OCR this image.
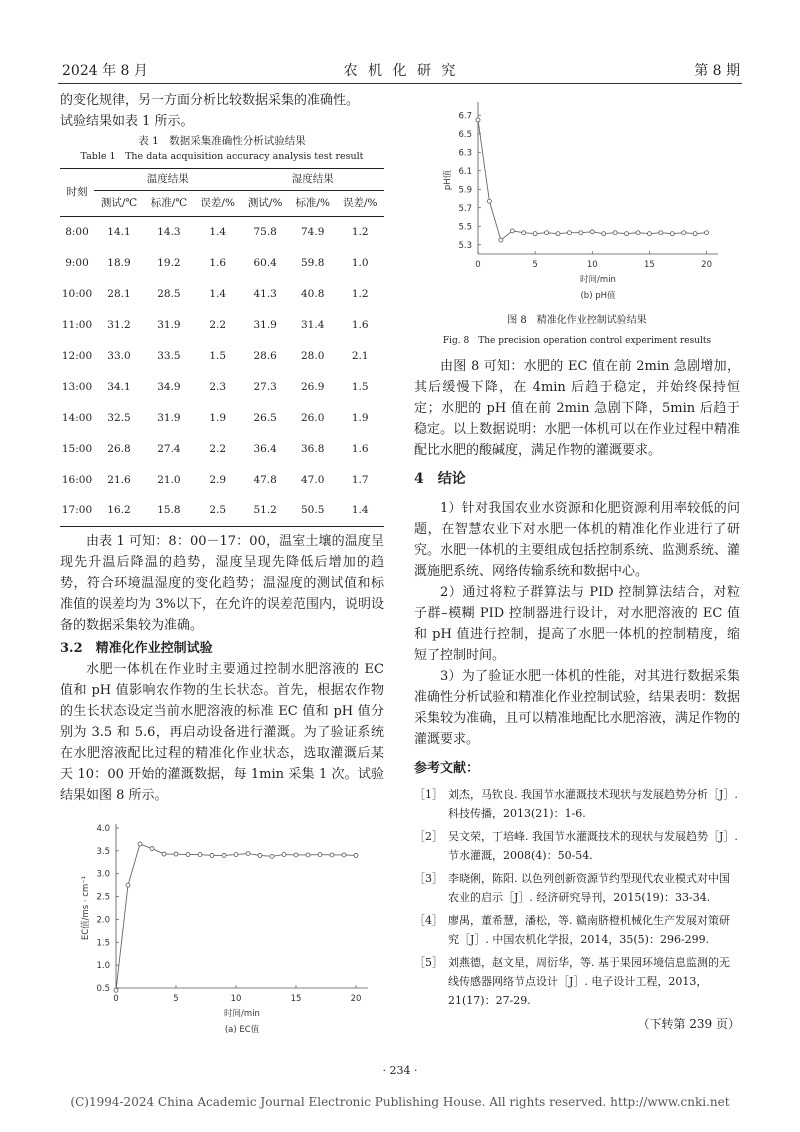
2024 年 8 月	农 机 化 研 究	第 8 期

的变化规律，另一方面分析比较数据采集的准确性。

试验结果如表 1 所示。

表 1　数据采集准确性分析试验结果
Table 1　The data acquisition accuracy analysis test result
时刻	温度结果			湿度结果		
	测试/℃	标准/℃	误差/%	测试/%	标准/%	误差/%
8:00	14.1	14.3	1.4	75.8	74.9	1.2
9:00	18.9	19.2	1.6	60.4	59.8	1.0
10:00	28.1	28.5	1.4	41.3	40.8	1.2
11:00	31.2	31.9	2.2	31.9	31.4	1.6
12:00	33.0	33.5	1.5	28.6	28.0	2.1
13:00	34.1	34.9	2.3	27.3	26.9	1.5
14:00	32.5	31.9	1.9	26.5	26.0	1.9
15:00	26.8	27.4	2.2	36.4	36.8	1.6
16:00	21.6	21.0	2.9	47.8	47.0	1.7
17:00	16.2	15.8	2.5	51.2	50.5	1.4

由表 1 可知：8：00－17：00，温室土壤的温度呈现先升温后降温的趋势，湿度呈现先降低后增加的趋势，符合环境温湿度的变化趋势；温湿度的测试值和标准值的误差均为 3%以下，在允许的误差范围内，说明设备的数据采集较为准确。

3.2　精准化作业控制试验

水肥一体机在作业时主要通过控制水肥溶液的 EC 值和 pH 值影响农作物的生长状态。首先，根据农作物的生长状态设定当前水肥溶液的标准 EC 值和 pH 值分别为 3.5 和 5.6，再启动设备进行灌溉。为了验证系统在水肥溶液配比过程的精准化作业状态，选取灌溉后某天 10：00 开始的灌溉数据，每 1min 采集 1 次。试验结果如图 8 所示。

0.5
1.0
1.5
2.0
2.5
3.0
3.5
4.0
0	5	10	15	20
时间/min
EC值/ms · cm⁻¹
(a) EC值
5.3
5.5
5.7
5.9
6.1
6.3
6.5
6.7
0	5	10	15	20
时间/min
pH值
(b) pH值
图 8　精准化作业控制试验结果
Fig. 8　The precision operation control experiment results

由图 8 可知：水肥的 EC 值在前 2min 急剧增加，其后缓慢下降，在 4min 后趋于稳定，并始终保持恒定；水肥的 pH 值在前 2min 急剧下降，5min 后趋于稳定。以上数据说明：水肥一体机可以在作业过程中精准配比水肥的酸碱度，满足作物的灌溉要求。

4　结论

1）针对我国农业水资源和化肥资源利用率较低的问题，在智慧农业下对水肥一体机的精准化作业进行了研究。水肥一体机的主要组成包括控制系统、监测系统、灌溉施肥系统、网络传输系统和数据中心。

2）通过将粒子群算法与 PID 控制算法结合，对粒子群–模糊 PID 控制器进行设计，对水肥溶液的 EC 值和 pH 值进行控制，提高了水肥一体机的控制精度，缩短了控制时间。

3）为了验证水肥一体机的性能，对其进行数据采集准确性分析试验和精准化作业控制试验，结果表明：数据采集较为准确，且可以精准地配比水肥溶液，满足作物的灌溉要求。

参考文献：
［1］ 刘杰，马钦良. 我国节水灌溉技术现状与发展趋势分析［J］. 科技传播，2013(21)：1-6.
［2］ 吴文荣，丁培峰. 我国节水灌溉技术的现状与发展趋势［J］. 节水灌溉，2008(4)：50-54.
［3］ 李晓俐，陈阳. 以色列创新资源节约型现代农业模式对中国农业的启示［J］. 经济研究导刊，2015(19)：33-34.
［4］ 廖禺，董希慧，潘松，等. 赣南脐橙机械化生产发展对策研究［J］. 中国农机化学报，2014，35(5)：296-299.
［5］ 刘燕德，赵文星，周衍华，等. 基于果园环境信息监测的无线传感器网络节点设计［J］. 电子设计工程，2013，21(17)：27-29.
（下转第 239 页）
· 234 ·
(C)1994-2024 China Academic Journal Electronic Publishing House. All rights reserved. http://www.cnki.net
